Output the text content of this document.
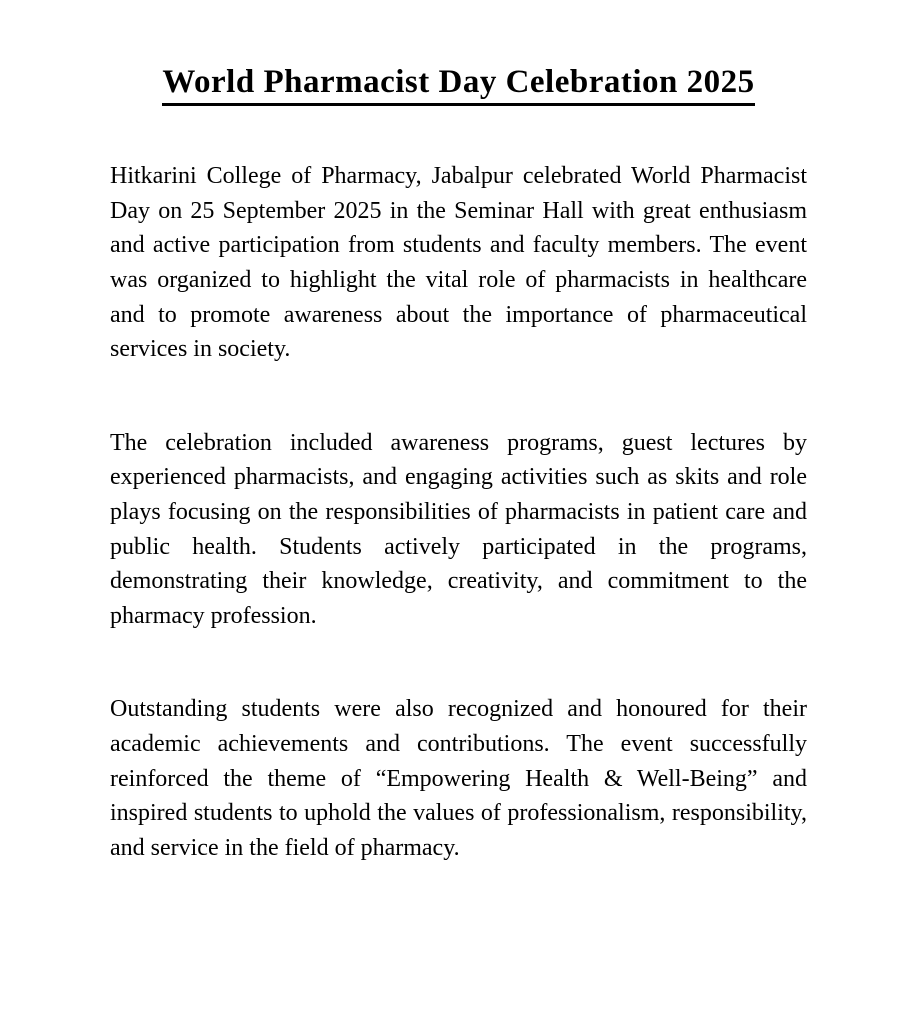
World Pharmacist Day Celebration 2025

Hitkarini College of Pharmacy, Jabalpur celebrated World Pharmacist Day on 25 September 2025 in the Seminar Hall with great enthusiasm and active participation from students and faculty members. The event was organized to highlight the vital role of pharmacists in healthcare and to promote awareness about the importance of pharmaceutical services in society.

The celebration included awareness programs, guest lectures by experienced pharmacists, and engaging activities such as skits and role plays focusing on the responsibilities of pharmacists in patient care and public health. Students actively participated in the programs, demonstrating their knowledge, creativity, and commitment to the pharmacy profession.

Outstanding students were also recognized and honoured for their academic achievements and contributions. The event successfully reinforced the theme of “Empowering Health & Well-Being” and inspired students to uphold the values of professionalism, responsibility, and service in the field of pharmacy.
